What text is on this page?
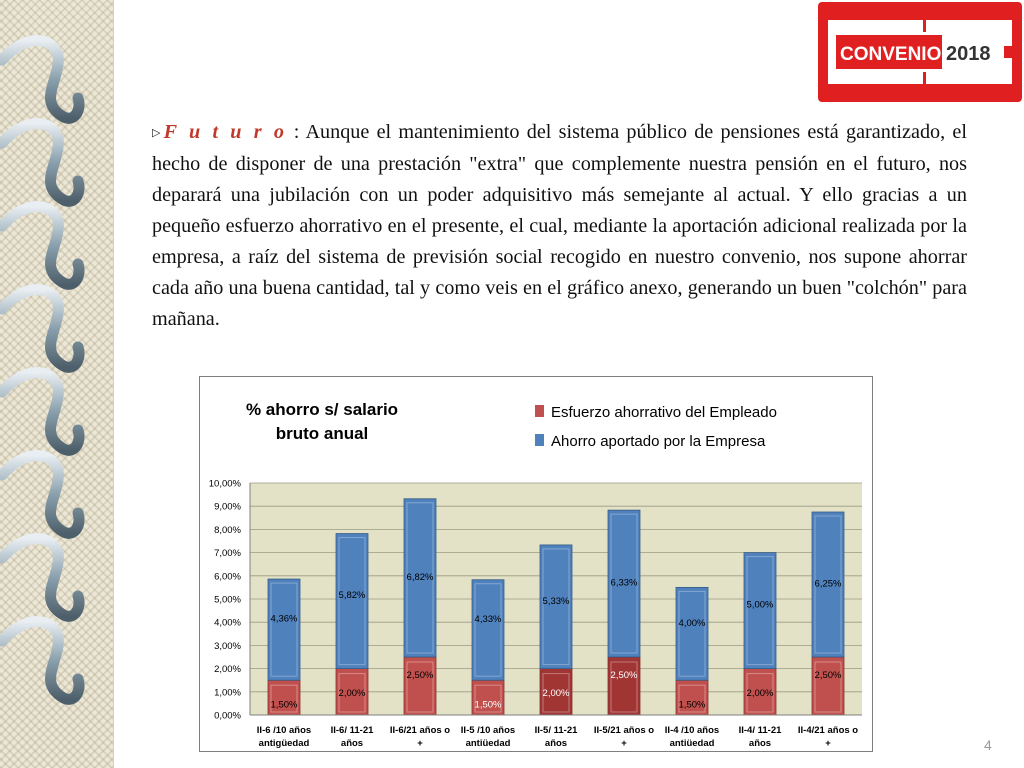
CONVENIO 2018

▷F u t u r o : Aunque el mantenimiento del sistema público de pensiones está garantizado, el hecho de disponer de una prestación "extra" que complemente nuestra pensión en el futuro, nos deparará una jubilación con un poder adquisitivo más semejante al actual. Y ello gracias a un pequeño esfuerzo ahorrativo en el presente, el cual, mediante la aportación adicional realizada por la empresa, a raíz del sistema de previsión social recogido en nuestro convenio, nos supone ahorrar cada año una buena cantidad, tal y como veis en el gráfico anexo, generando un buen "colchón" para mañana.

% ahorro s/ salario
bruto anual
Esfuerzo ahorrativo del Empleado
Ahorro aportado por la Empresa
0,00%
1,00%
2,00%
3,00%
4,00%
5,00%
6,00%
7,00%
8,00%
9,00%
10,00%
1,50%
4,36%
II-6 /10 años
antigüedad
2,00%
5,82%
II-6/ 11-21
años
2,50%
6,82%
II-6/21 años o
+
1,50%
4,33%
II-5 /10 años
antiüedad
2,00%
5,33%
II-5/ 11-21
años
2,50%
6,33%
II-5/21 años o
+
1,50%
4,00%
II-4 /10 años
antiüedad
2,00%
5,00%
II-4/ 11-21
años
2,50%
6,25%
II-4/21 años o
+	4
